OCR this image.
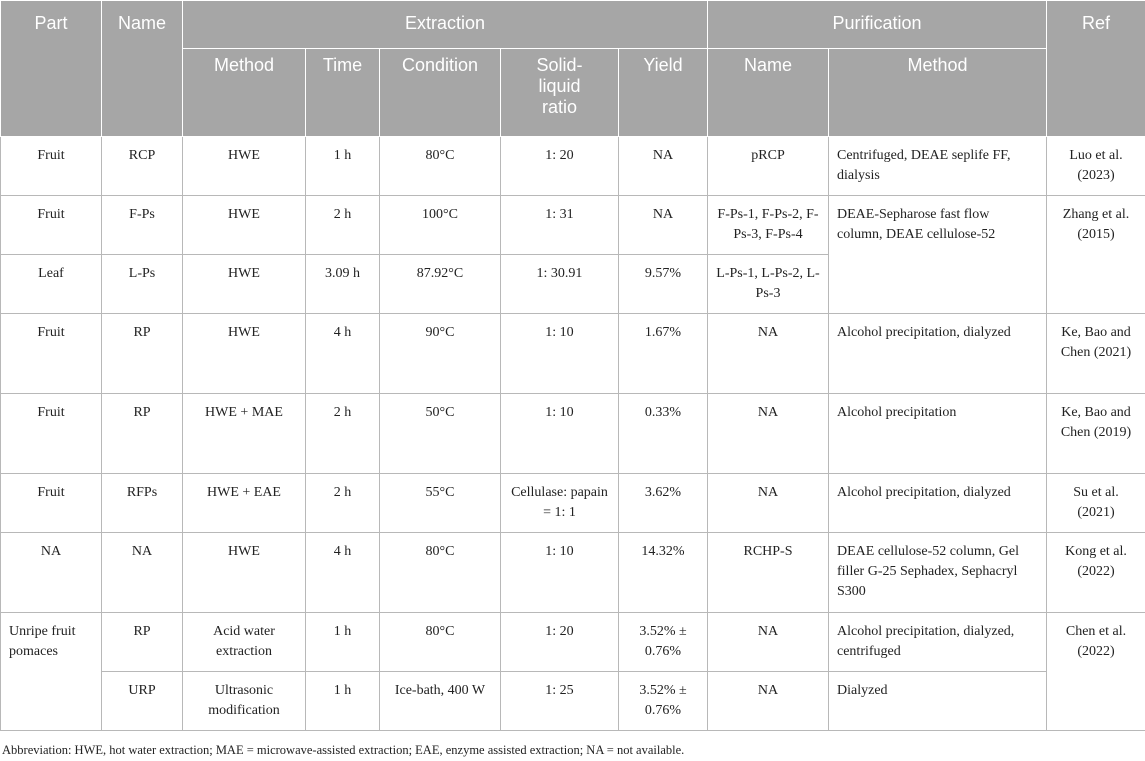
Part	Name	Extraction					Purification		Ref
		Method	Time	Condition	Solid-liquid ratio	Yield	Name	Method	
Fruit	RCP	HWE	1 h	80°C	1: 20	NA	pRCP	Centrifuged, DEAE seplife FF, dialysis	Luo et al. (2023)
Fruit	F-Ps	HWE	2 h	100°C	1: 31	NA	F-Ps-1, F-Ps-2, F-Ps-3, F-Ps-4	DEAE-Sepharose fast flow column, DEAE cellulose-52	Zhang et al. (2015)
Leaf	L-Ps	HWE	3.09 h	87.92°C	1: 30.91	9.57%	L-Ps-1, L-Ps-2, L-Ps-3		
Fruit	RP	HWE	4 h	90°C	1: 10	1.67%	NA	Alcohol precipitation, dialyzed	Ke, Bao and Chen (2021)
Fruit	RP	HWE + MAE	2 h	50°C	1: 10	0.33%	NA	Alcohol precipitation	Ke, Bao and Chen (2019)
Fruit	RFPs	HWE + EAE	2 h	55°C	Cellulase: papain = 1: 1	3.62%	NA	Alcohol precipitation, dialyzed	Su et al. (2021)
NA	NA	HWE	4 h	80°C	1: 10	14.32%	RCHP-S	DEAE cellulose-52 column, Gel filler G-25 Sephadex, Sephacryl S300	Kong et al. (2022)
Unripe fruit pomaces	RP	Acid water extraction	1 h	80°C	1: 20	3.52% ± 0.76%	NA	Alcohol precipitation, dialyzed, centrifuged	Chen et al. (2022)
	URP	Ultrasonic modification	1 h	Ice-bath, 400 W	1: 25	3.52% ± 0.76%	NA	Dialyzed	
Abbreviation: HWE, hot water extraction; MAE = microwave-assisted extraction; EAE, enzyme assisted extraction; NA = not available.
